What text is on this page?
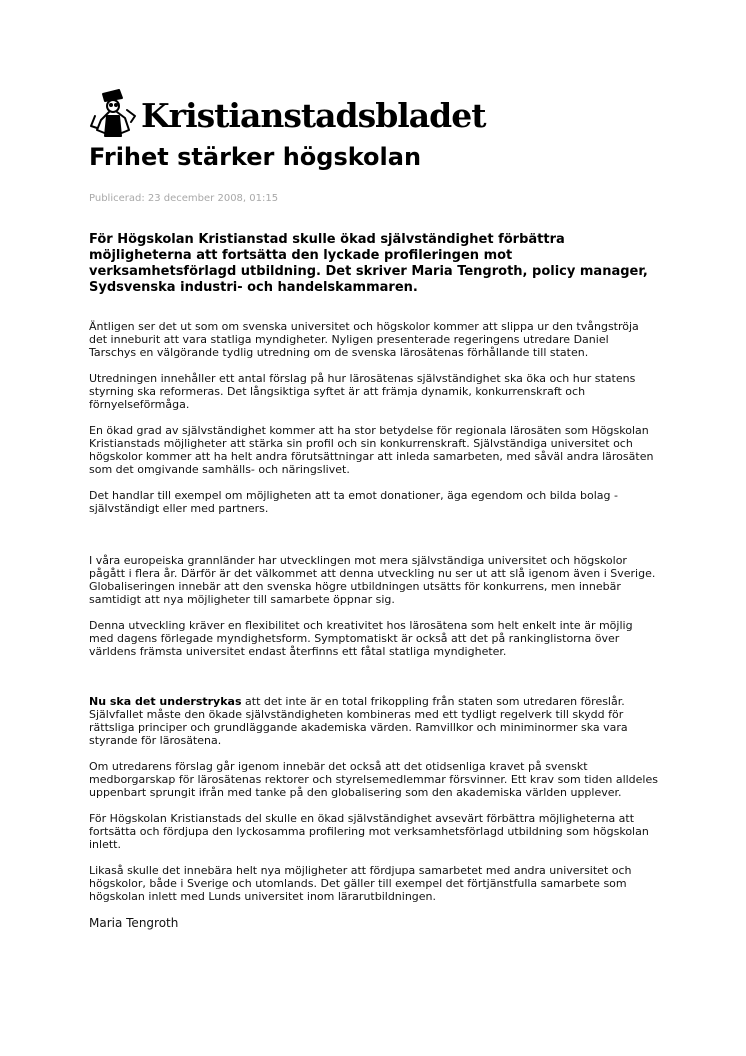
Kristianstadsbladet
Frihet stärker högskolan
Publicerad: 23 december 2008, 01:15
För Högskolan Kristianstad skulle ökad självständighet förbättra möjligheterna att fortsätta den lyckade profileringen mot verksamhetsförlagd utbildning. Det skriver Maria Tengroth, policy manager, Sydsvenska industri- och handelskammaren.

Äntligen ser det ut som om svenska universitet och högskolor kommer att slippa ur den tvångströja det inneburit att vara statliga myndigheter. Nyligen presenterade regeringens utredare Daniel Tarschys en välgörande tydlig utredning om de svenska lärosätenas förhållande till staten.

Utredningen innehåller ett antal förslag på hur lärosätenas självständighet ska öka och hur statens styrning ska reformeras. Det långsiktiga syftet är att främja dynamik, konkurrenskraft och förnyelseförmåga.

En ökad grad av självständighet kommer att ha stor betydelse för regionala lärosäten som Högskolan Kristianstads möjligheter att stärka sin profil och sin konkurrenskraft. Självständiga universitet och högskolor kommer att ha helt andra förutsättningar att inleda samarbeten, med såväl andra lärosäten som det omgivande samhälls- och näringslivet.

Det handlar till exempel om möjligheten att ta emot donationer, äga egendom och bilda bolag - självständigt eller med partners.

I våra europeiska grannländer har utvecklingen mot mera självständiga universitet och högskolor pågått i flera år. Därför är det välkommet att denna utveckling nu ser ut att slå igenom även i Sverige. Globaliseringen innebär att den svenska högre utbildningen utsätts för konkurrens, men innebär samtidigt att nya möjligheter till samarbete öppnar sig.

Denna utveckling kräver en flexibilitet och kreativitet hos lärosätena som helt enkelt inte är möjlig med dagens förlegade myndighetsform. Symptomatiskt är också att det på rankinglistorna över världens främsta universitet endast återfinns ett fåtal statliga myndigheter.

Nu ska det understrykas att det inte är en total frikoppling från staten som utredaren föreslår. Självfallet måste den ökade självständigheten kombineras med ett tydligt regelverk till skydd för rättsliga principer och grundläggande akademiska värden. Ramvillkor och miniminormer ska vara styrande för lärosätena.

Om utredarens förslag går igenom innebär det också att det otidsenliga kravet på svenskt medborgarskap för lärosätenas rektorer och styrelsemedlemmar försvinner. Ett krav som tiden alldeles uppenbart sprungit ifrån med tanke på den globalisering som den akademiska världen upplever.

För Högskolan Kristianstads del skulle en ökad självständighet avsevärt förbättra möjligheterna att fortsätta och fördjupa den lyckosamma profilering mot verksamhetsförlagd utbildning som högskolan inlett.

Likaså skulle det innebära helt nya möjligheter att fördjupa samarbetet med andra universitet och högskolor, både i Sverige och utomlands. Det gäller till exempel det förtjänstfulla samarbete som högskolan inlett med Lunds universitet inom lärarutbildningen.

Maria Tengroth
